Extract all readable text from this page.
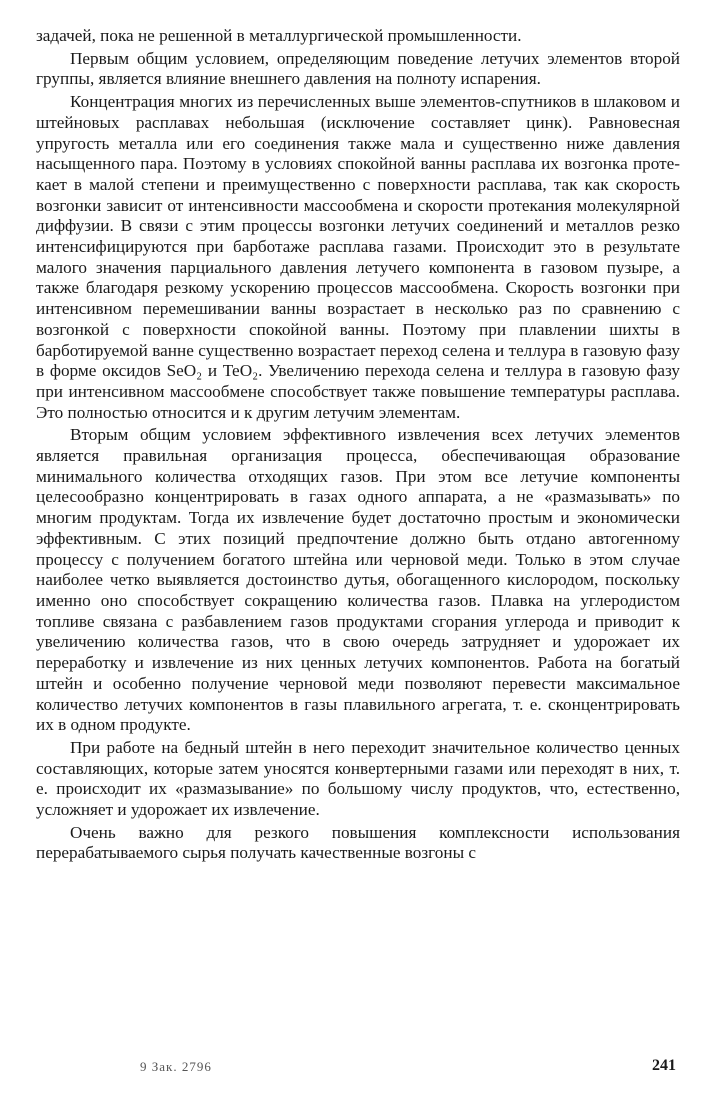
задачей, пока не решенной в металлургической промышленности.

Первым общим условием, определяющим поведение летучих элементов второй группы, является влияние внешнего давления на полноту испарения.

Концентрация многих из перечисленных выше элементов-спутников в шлаковом и штейновых расплавах небольшая (исключение составляет цинк). Равновесная упругость металла или его соединения также мала и существенно ниже давления насыщенного пара. Поэтому в условиях спокойной ванны расплава их возгонка протекает в малой степени и преимущественно с поверхности расплава, так как скорость возгонки зависит от интенсивности массообмена и скорости протекания молекулярной диффузии. В связи с этим процессы возгонки летучих соединений и металлов резко интенсифицируются при барботаже расплава газами. Происходит это в результате малого значения парциального давления летучего компонента в газовом пузыре, а также благодаря резкому ускорению процессов массообмена. Скорость возгонки при интенсивном перемешивании ванны возрастает в несколько раз по сравнению с возгонкой с поверхности спокойной ванны. Поэтому при плавлении шихты в барботируемой ванне существенно возрастает переход селена и теллура в газовую фазу в форме оксидов SeO₂ и TeO₂. Увеличению перехода селена и теллура в газовую фазу при интенсивном массообмене способствует также повышение температуры расплава. Это полностью относится и к другим летучим элементам.

Вторым общим условием эффективного извлечения всех летучих элементов является правильная организация процесса, обеспечивающая образование минимального количества отходящих газов. При этом все летучие компоненты целесообразно концентрировать в газах одного аппарата, а не «размазывать» по многим продуктам. Тогда их извлечение будет достаточно простым и экономически эффективным. С этих позиций предпочтение должно быть отдано автогенному процессу с получением богатого штейна или черновой меди. Только в этом случае наиболее четко выявляется достоинство дутья, обогащенного кислородом, поскольку именно оно способствует сокращению количества газов. Плавка на углеродистом топливе связана с разбавлением газов продуктами сгорания углерода и приводит к увеличению количества газов, что в свою очередь затрудняет и удорожает их переработку и извлечение из них ценных летучих компонентов. Работа на богатый штейн и особенно получение черновой меди позволяют перевести максимальное количество летучих компонентов в газы плавильного агрегата, т. е. сконцентрировать их в одном продукте.

При работе на бедный штейн в него переходит значительное количество ценных составляющих, которые затем уносятся конвертерными газами или переходят в них, т. е. происходит их «размазывание» по большому числу продуктов, что, естественно, усложняет и удорожает их извлечение.

Очень важно для резкого повышения комплексности использования перерабатываемого сырья получать качественные возгоны с

9 Зак. 2796	241
